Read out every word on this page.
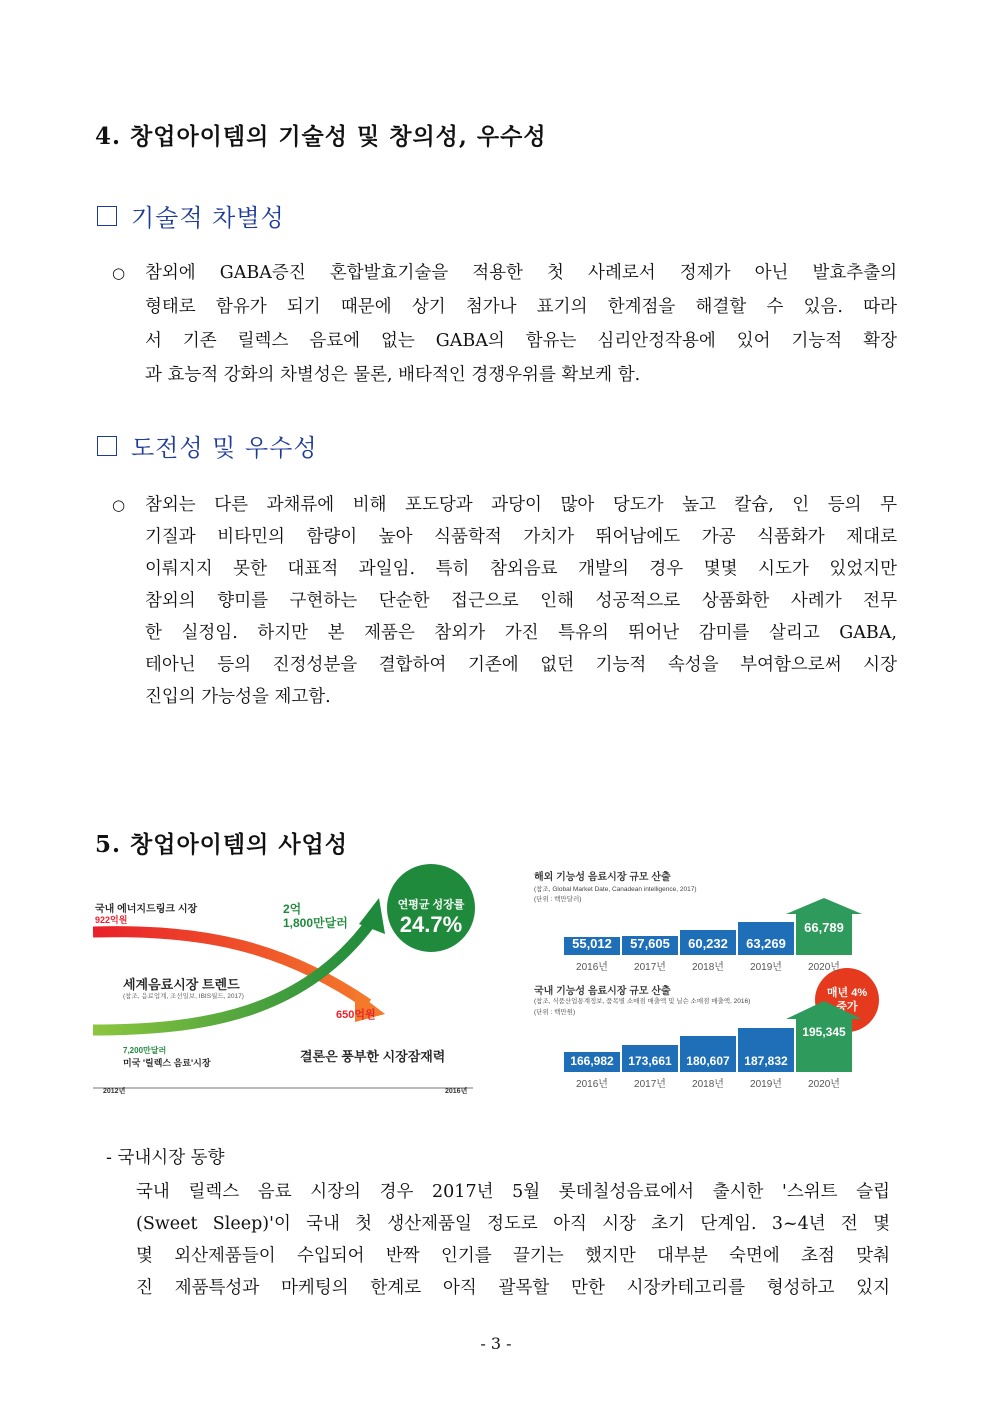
4. 창업아이템의 기술성 및 창의성, 우수성
기술적 차별성
○ 참외에 GABA증진 혼합발효기술을 적용한 첫 사례로서 정제가 아닌 발효추출의
형태로 함유가 되기 때문에 상기 첨가나 표기의 한계점을 해결할 수 있음. 따라
서 기존 릴렉스 음료에 없는 GABA의 함유는 심리안정작용에 있어 기능적 확장
과 효능적 강화의 차별성은 물론, 배타적인 경쟁우위를 확보케 함.
도전성 및 우수성
○ 참외는 다른 과채류에 비해 포도당과 과당이 많아 당도가 높고 칼슘, 인 등의 무
기질과 비타민의 함량이 높아 식품학적 가치가 뛰어남에도 가공 식품화가 제대로
이뤄지지 못한 대표적 과일임. 특히 참외음료 개발의 경우 몇몇 시도가 있었지만
참외의 향미를 구현하는 단순한 접근으로 인해 성공적으로 상품화한 사례가 전무
한 실정임. 하지만 본 제품은 참외가 가진 특유의 뛰어난 감미를 살리고 GABA,
테아닌 등의 진정성분을 결합하여 기존에 없던 기능적 속성을 부여함으로써 시장
진입의 가능성을 제고함.
5. 창업아이템의 사업성
국내 에너지드링크 시장
922억원
2억
1,800만달러
연평균 성장률
24.7%
세계음료시장 트렌드
(참조, 음료업계, 조선일보, IBIS월드, 2017)
650억원
7,200만달러
미국 '릴렉스 음료'시장	결론은 풍부한 시장잠재력
2012년	2016년
해외 기능성 음료시장 규모 산출
(참조, Global Market Date, Canadean intelligence, 2017)
(단위 : 백만달러)
국내 기능성 음료시장 규모 산출
(참조, 식품산업통계정보, 품목별 소매점 매출액 및 닐슨 소매점 매출액, 2016)
(단위 : 백만원)
매년 4%
증가
55,012
2016년
57,605
2017년
60,232
2018년
63,269
2019년
66,789
2020년
166,982
2016년
173,661
2017년
180,607
2018년
187,832
2019년
195,345
2020년
- 국내시장 동향
국내 릴렉스 음료 시장의 경우 2017년 5월 롯데칠성음료에서 출시한 '스위트 슬립
(Sweet Sleep)'이 국내 첫 생산제품일 정도로 아직 시장 초기 단계임. 3~4년 전 몇
몇 외산제품들이 수입되어 반짝 인기를 끌기는 했지만 대부분 숙면에 초점 맞춰
진 제품특성과 마케팅의 한계로 아직 괄목할 만한 시장카테고리를 형성하고 있지
- 3 -
